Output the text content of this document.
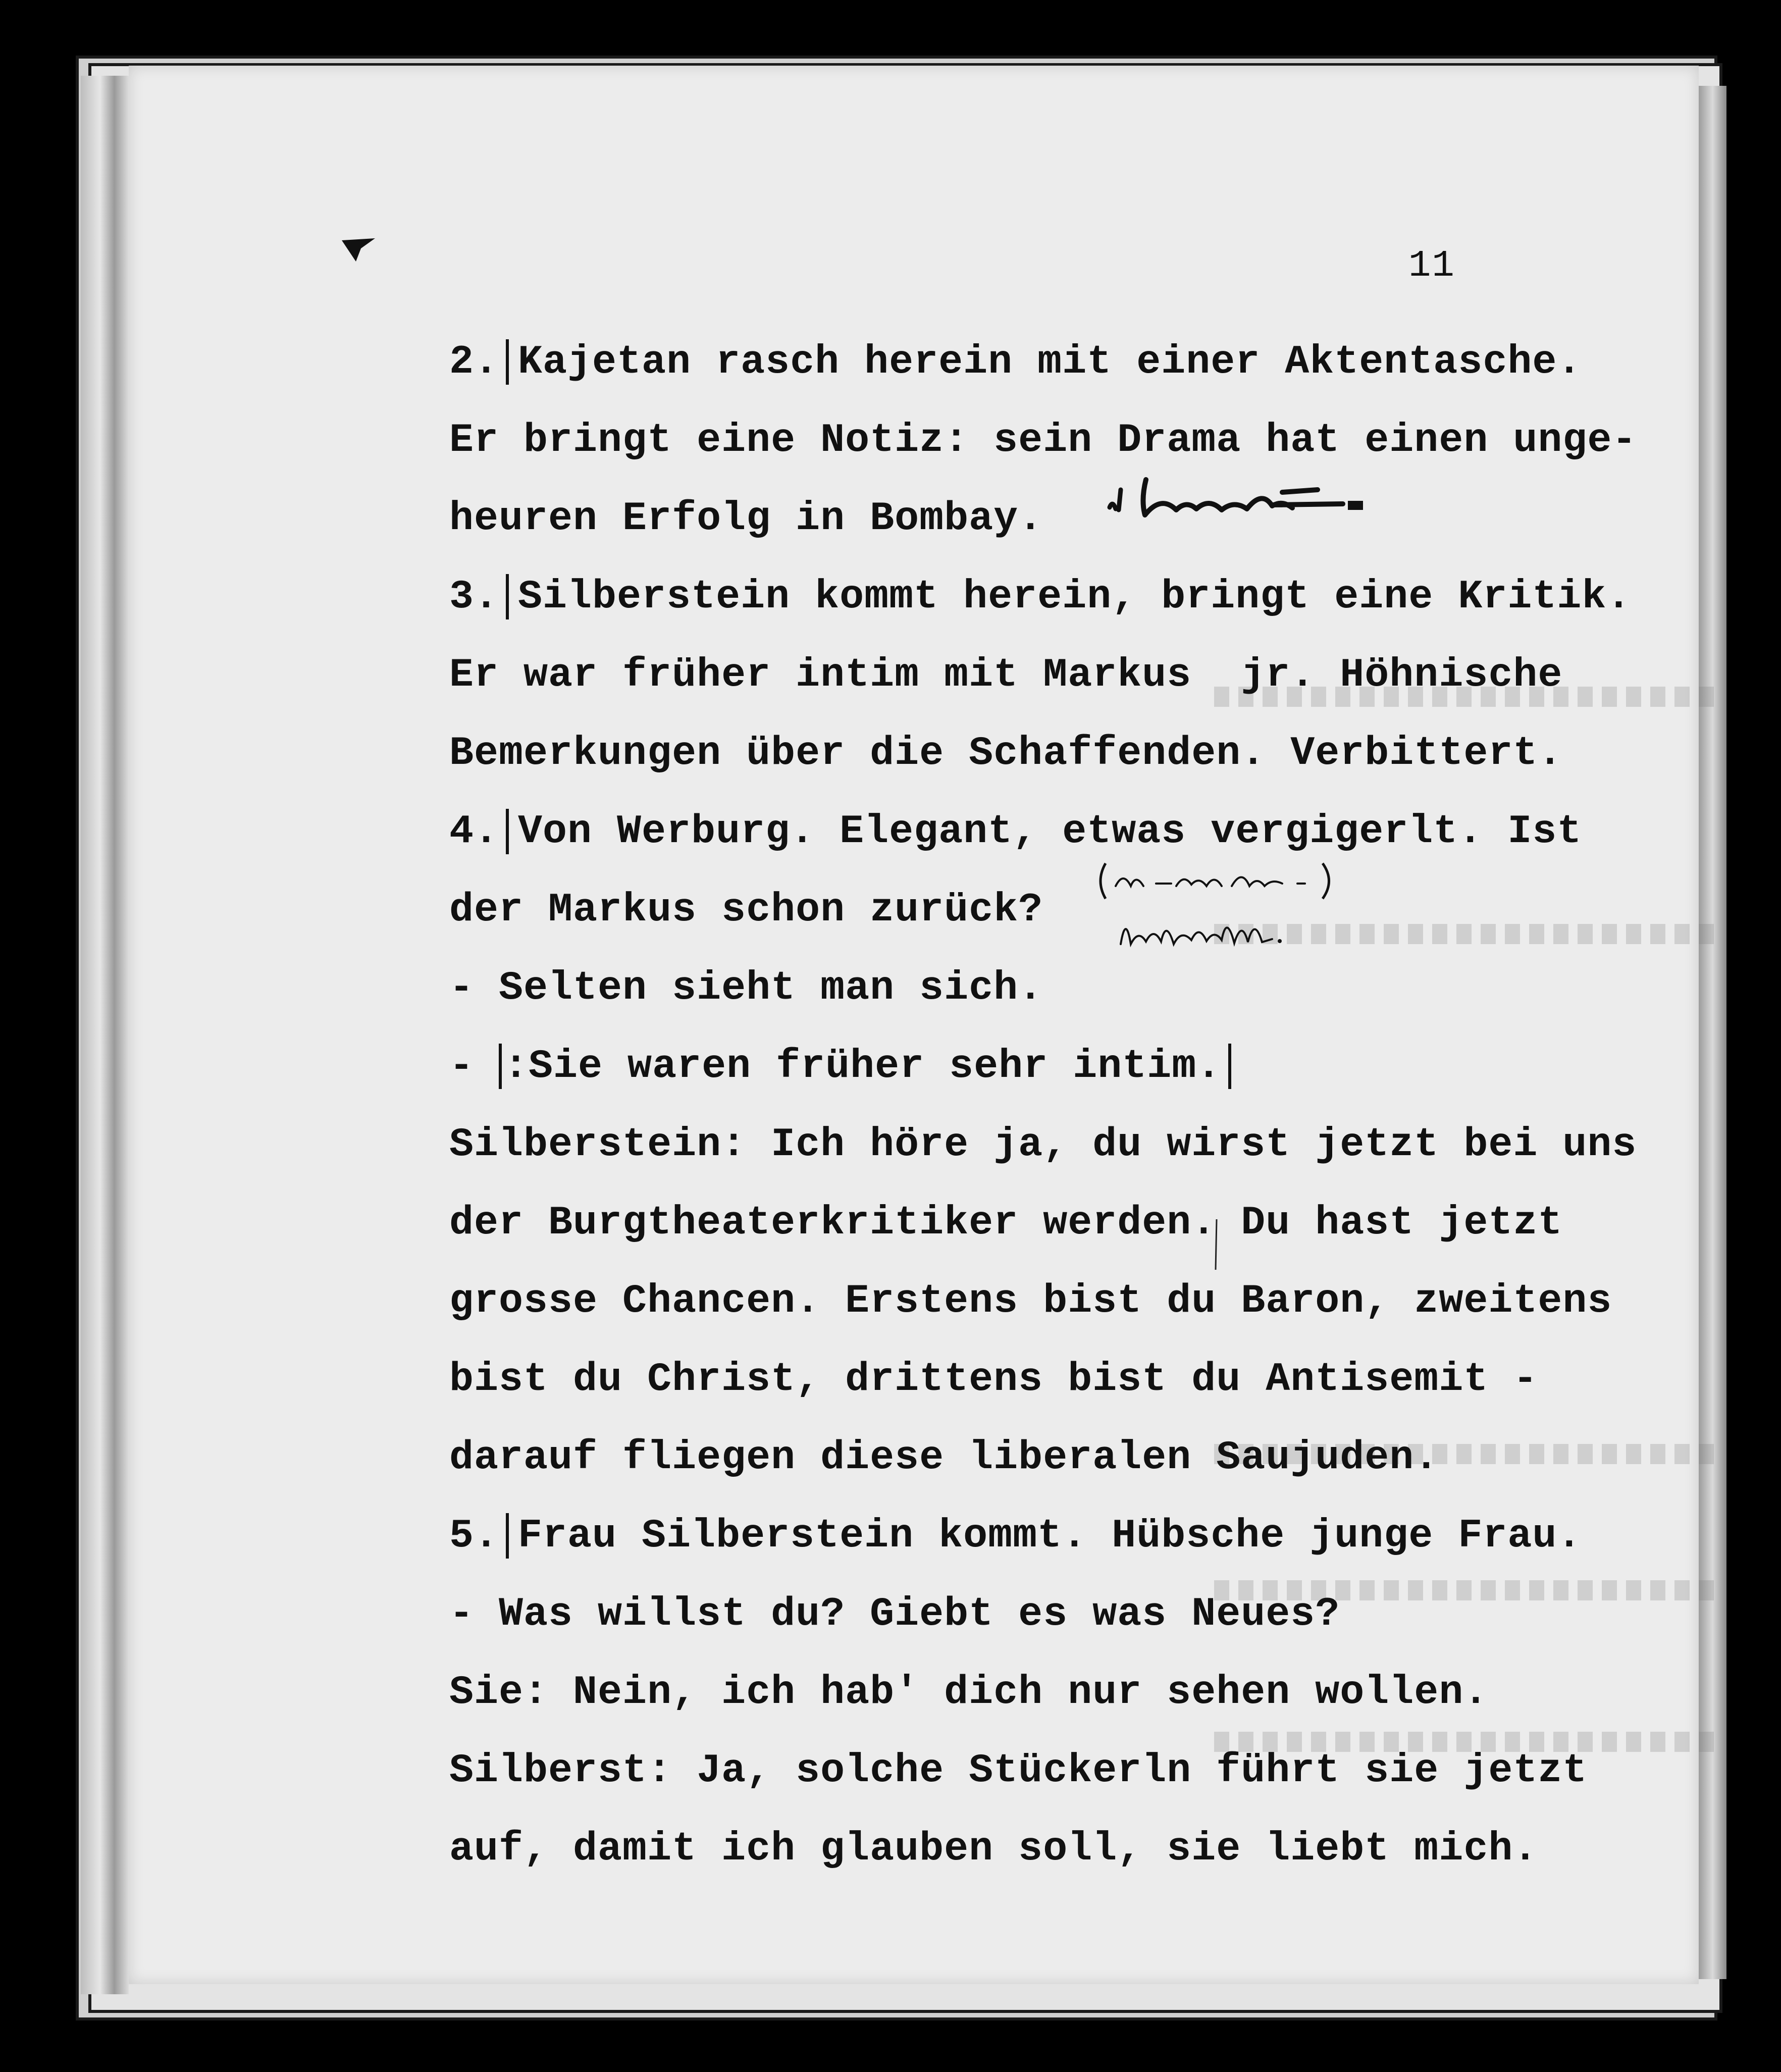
11
2. Kajetan rasch herein mit einer Aktentasche.
Er bringt eine Notiz: sein Drama hat einen unge-
heuren Erfolg in Bombay.
3. Silberstein kommt herein, bringt eine Kritik.
Er war früher intim mit Markus  jr. Höhnische
Bemerkungen über die Schaffenden. Verbittert.
4. Von Werburg. Elegant, etwas vergigerlt. Ist
der Markus schon zurück?
- Selten sieht man sich.
- :Sie waren früher sehr intim.
Silberstein: Ich höre ja, du wirst jetzt bei uns
der Burgtheaterkritiker werden. Du hast jetzt
grosse Chancen. Erstens bist du Baron, zweitens
bist du Christ, drittens bist du Antisemit -
darauf fliegen diese liberalen Saujuden.
5. Frau Silberstein kommt. Hübsche junge Frau.
- Was willst du? Giebt es was Neues?
Sie: Nein, ich hab' dich nur sehen wollen.
Silberst: Ja, solche Stückerln führt sie jetzt
auf, damit ich glauben soll, sie liebt mich.
